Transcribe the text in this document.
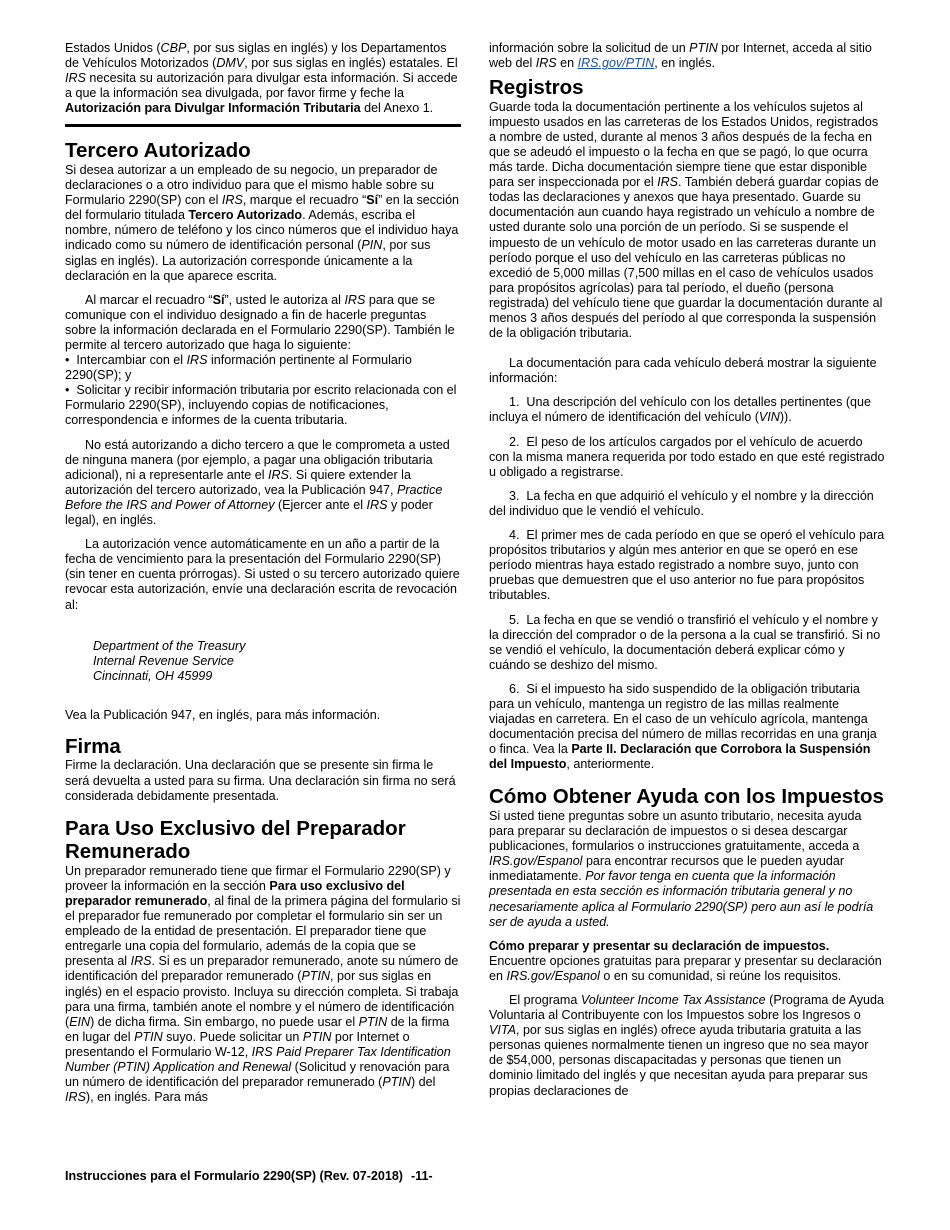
Estados Unidos (CBP, por sus siglas en inglés) y los Departamentos de Vehículos Motorizados (DMV, por sus siglas en inglés) estatales. El IRS necesita su autorización para divulgar esta información. Si accede a que la información sea divulgada, por favor firme y feche la Autorización para Divulgar Información Tributaria del Anexo 1.

Tercero Autorizado

Si desea autorizar a un empleado de su negocio, un preparador de declaraciones o a otro individuo para que el mismo hable sobre su Formulario 2290(SP) con el IRS, marque el recuadro “Sí” en la sección del formulario titulada Tercero Autorizado. Además, escriba el nombre, número de teléfono y los cinco números que el individuo haya indicado como su número de identificación personal (PIN, por sus siglas en inglés). La autorización corresponde únicamente a la declaración en la que aparece escrita.

Al marcar el recuadro “Sí”, usted le autoriza al IRS para que se comunique con el individuo designado a fin de hacerle preguntas sobre la información declarada en el Formulario 2290(SP). También le permite al tercero autorizado que haga lo siguiente:

•  Intercambiar con el IRS información pertinente al Formulario 2290(SP); y

•  Solicitar y recibir información tributaria por escrito relacionada con el Formulario 2290(SP), incluyendo copias de notificaciones, correspondencia e informes de la cuenta tributaria.

No está autorizando a dicho tercero a que le comprometa a usted de ninguna manera (por ejemplo, a pagar una obligación tributaria adicional), ni a representarle ante el IRS. Si quiere extender la autorización del tercero autorizado, vea la Publicación 947, Practice Before the IRS and Power of Attorney (Ejercer ante el IRS y poder legal), en inglés.

La autorización vence automáticamente en un año a partir de la fecha de vencimiento para la presentación del Formulario 2290(SP) (sin tener en cuenta prórrogas). Si usted o su tercero autorizado quiere revocar esta autorización, envíe una declaración escrita de revocación al:

Department of the Treasury
Internal Revenue Service
Cincinnati, OH 45999

Vea la Publicación 947, en inglés, para más información.

Firma

Firme la declaración. Una declaración que se presente sin firma le será devuelta a usted para su firma. Una declaración sin firma no será considerada debidamente presentada.

Para Uso Exclusivo del Preparador Remunerado

Un preparador remunerado tiene que firmar el Formulario 2290(SP) y proveer la información en la sección Para uso exclusivo del preparador remunerado, al final de la primera página del formulario si el preparador fue remunerado por completar el formulario sin ser un empleado de la entidad de presentación. El preparador tiene que entregarle una copia del formulario, además de la copia que se presenta al IRS. Si es un preparador remunerado, anote su número de identificación del preparador remunerado (PTIN, por sus siglas en inglés) en el espacio provisto. Incluya su dirección completa. Si trabaja para una firma, también anote el nombre y el número de identificación (EIN) de dicha firma. Sin embargo, no puede usar el PTIN de la firma en lugar del PTIN suyo. Puede solicitar un PTIN por Internet o presentando el Formulario W-12, IRS Paid Preparer Tax Identification Number (PTIN) Application and Renewal (Solicitud y renovación para un número de identificación del preparador remunerado (PTIN) del IRS), en inglés. Para más

información sobre la solicitud de un PTIN por Internet, acceda al sitio web del IRS en IRS.gov/PTIN, en inglés.

Registros

Guarde toda la documentación pertinente a los vehículos sujetos al impuesto usados en las carreteras de los Estados Unidos, registrados a nombre de usted, durante al menos 3 años después de la fecha en que se adeudó el impuesto o la fecha en que se pagó, lo que ocurra más tarde. Dicha documentación siempre tiene que estar disponible para ser inspeccionada por el IRS. También deberá guardar copias de todas las declaraciones y anexos que haya presentado. Guarde su documentación aun cuando haya registrado un vehículo a nombre de usted durante solo una porción de un período. Si se suspende el impuesto de un vehículo de motor usado en las carreteras durante un período porque el uso del vehículo en las carreteras públicas no excedió de 5,000 millas (7,500 millas en el caso de vehículos usados para propósitos agrícolas) para tal período, el dueño (persona registrada) del vehículo tiene que guardar la documentación durante al menos 3 años después del período al que corresponda la suspensión de la obligación tributaria.

La documentación para cada vehículo deberá mostrar la siguiente información:

1.  Una descripción del vehículo con los detalles pertinentes (que incluya el número de identificación del vehículo (VIN)).

2.  El peso de los artículos cargados por el vehículo de acuerdo con la misma manera requerida por todo estado en que esté registrado u obligado a registrarse.

3.  La fecha en que adquirió el vehículo y el nombre y la dirección del individuo que le vendió el vehículo.

4.  El primer mes de cada período en que se operó el vehículo para propósitos tributarios y algún mes anterior en que se operó en ese período mientras haya estado registrado a nombre suyo, junto con pruebas que demuestren que el uso anterior no fue para propósitos tributables.

5.  La fecha en que se vendió o transfirió el vehículo y el nombre y la dirección del comprador o de la persona a la cual se transfirió. Si no se vendió el vehículo, la documentación deberá explicar cómo y cuándo se deshizo del mismo.

6.  Si el impuesto ha sido suspendido de la obligación tributaria para un vehículo, mantenga un registro de las millas realmente viajadas en carretera. En el caso de un vehículo agrícola, mantenga documentación precisa del número de millas recorridas en una granja o finca. Vea la Parte II. Declaración que Corrobora la Suspensión del Impuesto, anteriormente.

Cómo Obtener Ayuda con los Impuestos

Si usted tiene preguntas sobre un asunto tributario, necesita ayuda para preparar su declaración de impuestos o si desea descargar publicaciones, formularios o instrucciones gratuitamente, acceda a IRS.gov/Espanol para encontrar recursos que le pueden ayudar inmediatamente. Por favor tenga en cuenta que la información presentada en esta sección es información tributaria general y no necesariamente aplica al Formulario 2290(SP) pero aun así le podría ser de ayuda a usted.

Cómo preparar y presentar su declaración de impuestos. Encuentre opciones gratuitas para preparar y presentar su declaración en IRS.gov/Espanol o en su comunidad, si reúne los requisitos.

El programa Volunteer Income Tax Assistance (Programa de Ayuda Voluntaria al Contribuyente con los Impuestos sobre los Ingresos o VITA, por sus siglas en inglés) ofrece ayuda tributaria gratuita a las personas quienes normalmente tienen un ingreso que no sea mayor de $54,000, personas discapacitadas y personas que tienen un dominio limitado del inglés y que necesitan ayuda para preparar sus propias declaraciones de

Instrucciones para el Formulario 2290(SP) (Rev. 07-2018) -11-
